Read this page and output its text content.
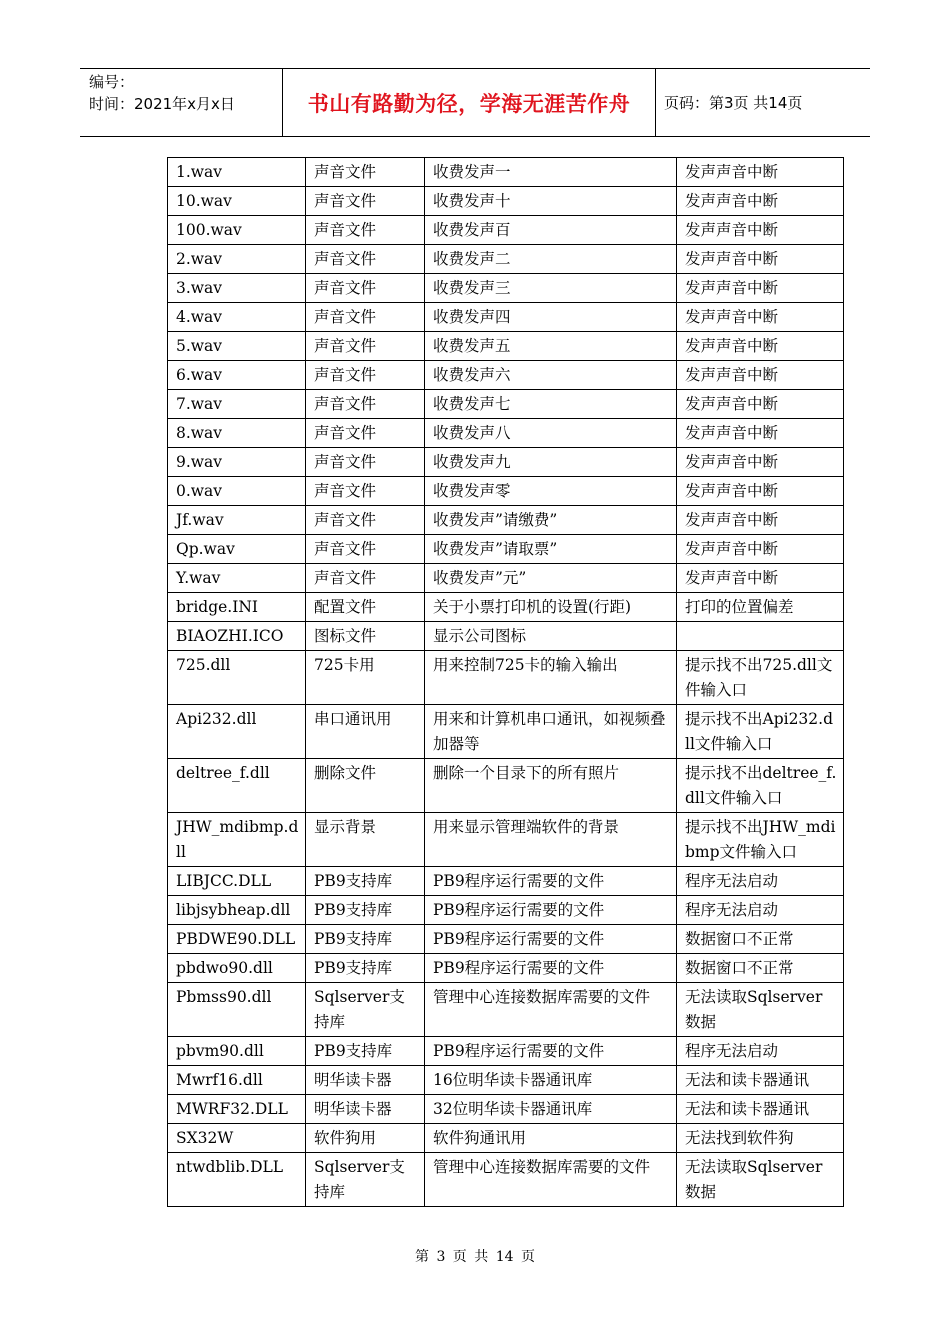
编号：
时间：2021年x月x日	书山有路勤为径，学海无涯苦作舟 页码：第3页 共14页
1.wav	声音文件	收费发声一	发声声音中断
10.wav	声音文件	收费发声十	发声声音中断
100.wav	声音文件	收费发声百	发声声音中断
2.wav	声音文件	收费发声二	发声声音中断
3.wav	声音文件	收费发声三	发声声音中断
4.wav	声音文件	收费发声四	发声声音中断
5.wav	声音文件	收费发声五	发声声音中断
6.wav	声音文件	收费发声六	发声声音中断
7.wav	声音文件	收费发声七	发声声音中断
8.wav	声音文件	收费发声八	发声声音中断
9.wav	声音文件	收费发声九	发声声音中断
0.wav	声音文件	收费发声零	发声声音中断
Jf.wav	声音文件	收费发声”请缴费”	发声声音中断
Qp.wav	声音文件	收费发声”请取票”	发声声音中断
Y.wav	声音文件	收费发声”元”	发声声音中断
bridge.INI	配置文件	关于小票打印机的设置(行距)	打印的位置偏差
BIAOZHI.ICO	图标文件	显示公司图标	
725.dll	725卡用	用来控制725卡的输入输出	提示找不出725.dll文件输入口
Api232.dll	串口通讯用	用来和计算机串口通讯，如视频叠加器等	提示找不出Api232.dll文件输入口
deltree_f.dll	删除文件	删除一个目录下的所有照片	提示找不出deltree_f.dll文件输入口
JHW_mdibmp.dll	显示背景	用来显示管理端软件的背景	提示找不出JHW_mdibmp文件输入口
LIBJCC.DLL	PB9支持库	PB9程序运行需要的文件	程序无法启动
libjsybheap.dll	PB9支持库	PB9程序运行需要的文件	程序无法启动
PBDWE90.DLL	PB9支持库	PB9程序运行需要的文件	数据窗口不正常
pbdwo90.dll	PB9支持库	PB9程序运行需要的文件	数据窗口不正常
Pbmss90.dll	Sqlserver支持库	管理中心连接数据库需要的文件	无法读取Sqlserver数据
pbvm90.dll	PB9支持库	PB9程序运行需要的文件	程序无法启动
Mwrf16.dll	明华读卡器	16位明华读卡器通讯库	无法和读卡器通讯
MWRF32.DLL	明华读卡器	32位明华读卡器通讯库	无法和读卡器通讯
SX32W	软件狗用	软件狗通讯用	无法找到软件狗
ntwdblib.DLL	Sqlserver支持库	管理中心连接数据库需要的文件	无法读取Sqlserver数据
第 3 页 共 14 页
